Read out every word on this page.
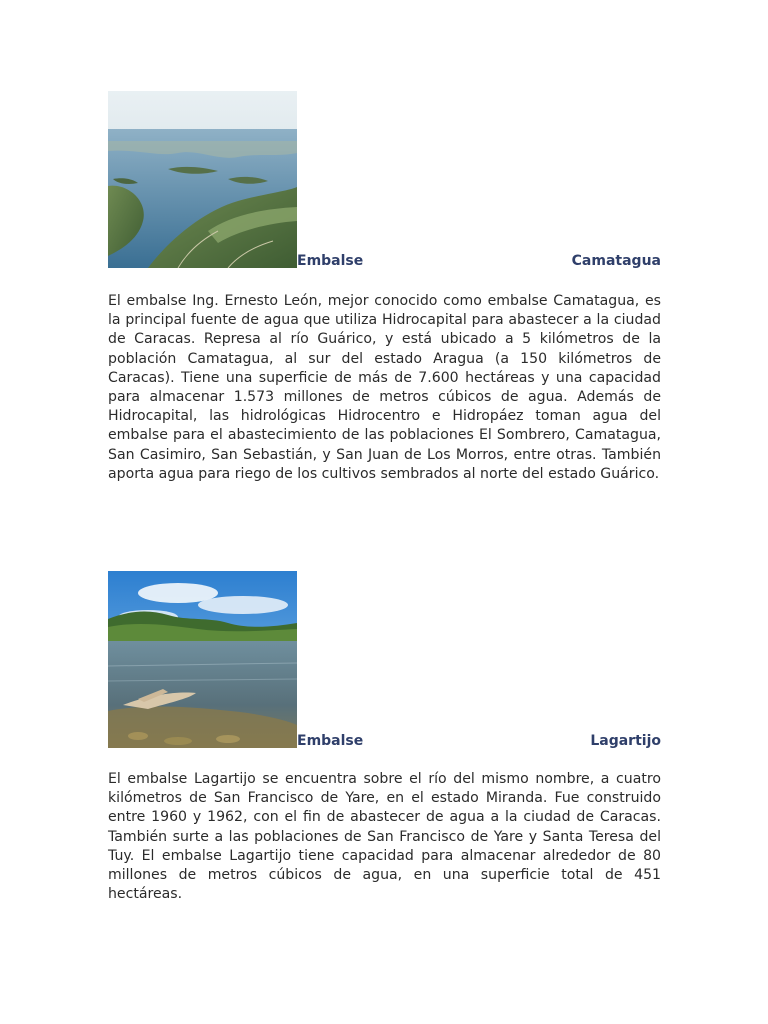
Embalse	Camatagua

El embalse Ing. Ernesto León, mejor conocido como embalse Camatagua, es la principal fuente de agua que utiliza Hidrocapital para abastecer a la ciudad de Caracas. Represa al río Guárico, y está ubicado a 5 kilómetros de la población Camatagua, al sur del estado Aragua (a 150 kilómetros de Caracas). Tiene una superficie de más de 7.600 hectáreas y una capacidad para almacenar 1.573 millones de metros cúbicos de agua. Además de Hidrocapital, las hidrológicas Hidrocentro e Hidropáez toman agua del embalse para el abastecimiento de las poblaciones El Sombrero, Camatagua, San Casimiro, San Sebastián, y San Juan de Los Morros, entre otras. También aporta agua para riego de los cultivos sembrados al norte del estado Guárico.

Embalse	Lagartijo

El embalse Lagartijo se encuentra sobre el río del mismo nombre, a cuatro kilómetros de San Francisco de Yare, en el estado Miranda. Fue construido entre 1960 y 1962, con el fin de abastecer de agua a la ciudad de Caracas. También surte a las poblaciones de San Francisco de Yare y Santa Teresa del Tuy. El embalse Lagartijo tiene capacidad para almacenar alrededor de 80 millones de metros cúbicos de agua, en una superficie total de 451 hectáreas.
